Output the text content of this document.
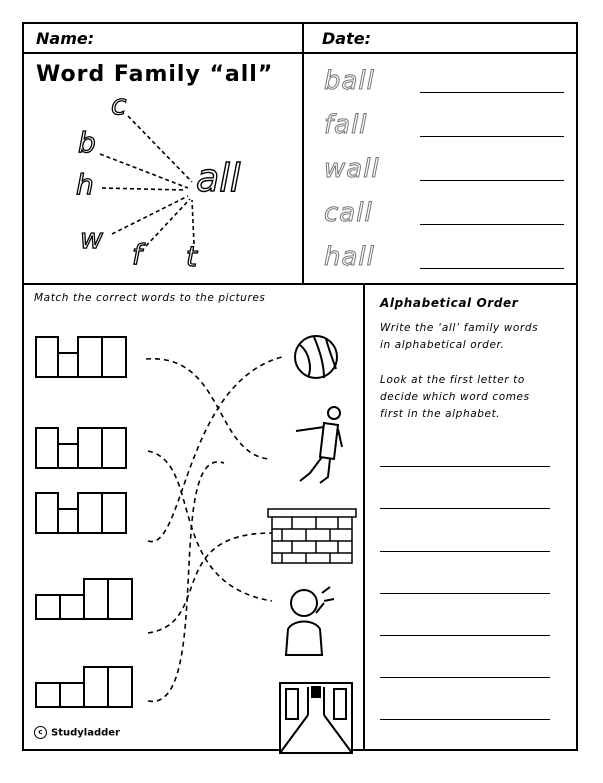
Name:	Date:
Word Family “all”
c
b
h
w f t
all
ball
fall
wall
call
hall
Match the correct words to the pictures	Alphabetical Order
Write the ‘all’ family words in alphabetical order.
Look at the first letter to decide which word comes first in the alphabet.
c Studyladder
